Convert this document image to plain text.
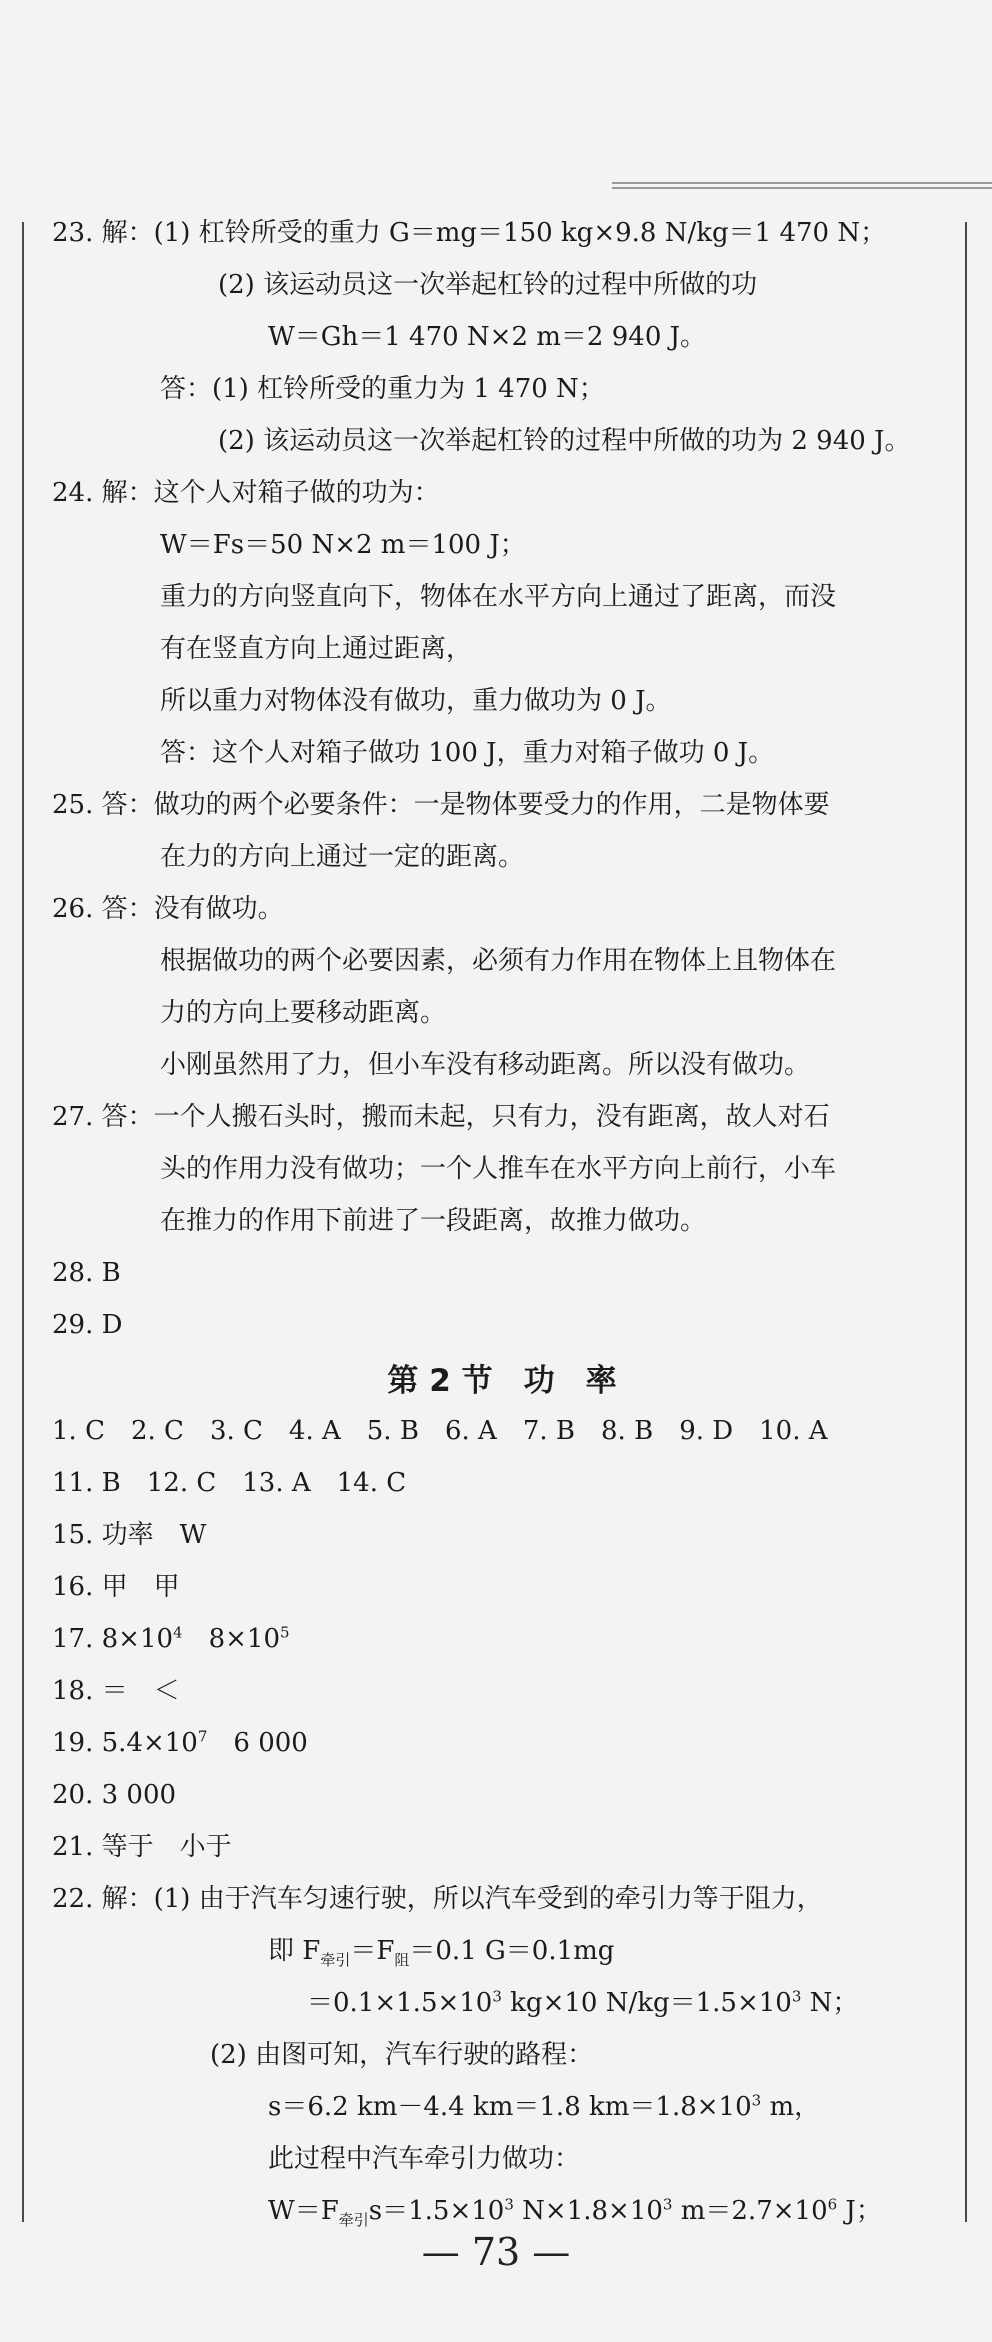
23. 解：(1) 杠铃所受的重力 G＝mg＝150 kg×9.8 N/kg＝1 470 N；
(2) 该运动员这一次举起杠铃的过程中所做的功
W＝Gh＝1 470 N×2 m＝2 940 J。
答：(1) 杠铃所受的重力为 1 470 N；
(2) 该运动员这一次举起杠铃的过程中所做的功为 2 940 J。
24. 解：这个人对箱子做的功为：
W＝Fs＝50 N×2 m＝100 J；
重力的方向竖直向下，物体在水平方向上通过了距离，而没
有在竖直方向上通过距离，
所以重力对物体没有做功，重力做功为 0 J。
答：这个人对箱子做功 100 J，重力对箱子做功 0 J。
25. 答：做功的两个必要条件：一是物体要受力的作用，二是物体要
在力的方向上通过一定的距离。
26. 答：没有做功。
根据做功的两个必要因素，必须有力作用在物体上且物体在
力的方向上要移动距离。
小刚虽然用了力，但小车没有移动距离。所以没有做功。
27. 答：一个人搬石头时，搬而未起，只有力，没有距离，故人对石
头的作用力没有做功；一个人推车在水平方向上前行，小车
在推力的作用下前进了一段距离，故推力做功。
28. B
29. D
第 2 节　功　率
1. C 2. C 3. C 4. A 5. B 6. A 7. B 8. B 9. D 10. A
11. B 12. C 13. A 14. C
15. 功率　W
16. 甲　甲
17. $8\times 10^4$　$8\times 10^5$
18. ＝　＜
19. $5.4\times 10^7$　6 000
20. 3 000
21. 等于　小于
22. 解：(1) 由于汽车匀速行驶，所以汽车受到的牵引力等于阻力，
即 $F_{牵引}=F_阻=0.1$ G＝0.1mg
$=0.1\times 1.5\times 10^3$ kg×10 $N/kg=1.5\times 10^3$ N；
(2) 由图可知，汽车行驶的路程：
s＝6.2 km－4.4 km＝1.8 $km=1.8\times 10^3$ m，
此过程中汽车牵引力做功：
$W=F_{牵引}s=1.5\times 10^3$ $N\times 1.8\times 10^3$ $m=2.7\times 10^6$ J；
— 73 —
